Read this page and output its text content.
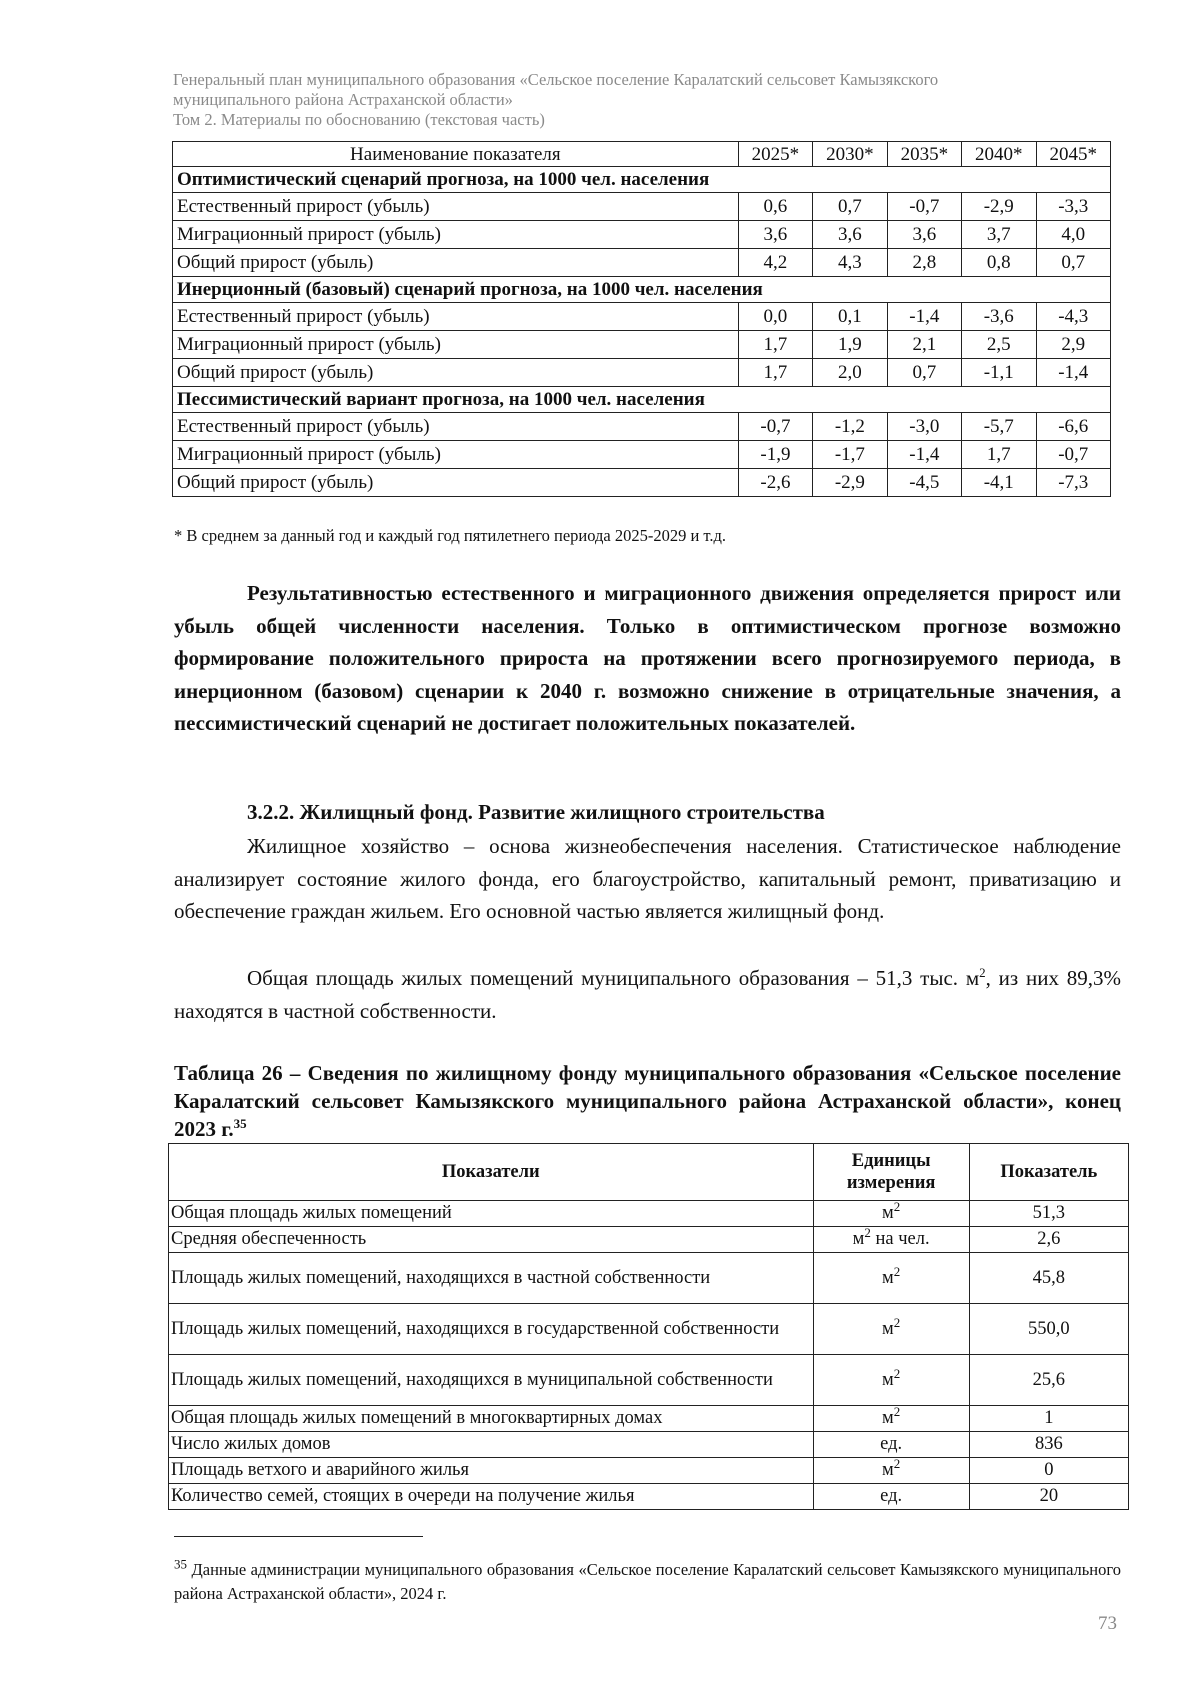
Генеральный план муниципального образования «Сельское поселение Каралатский сельсовет Камызякского
муниципального района Астраханской области»
Том 2. Материалы по обоснованию (текстовая часть)
Наименование показателя	2025*	2030*	2035*	2040*	2045*
Оптимистический сценарий прогноза, на 1000 чел. населения					
Естественный прирост (убыль)	0,6	0,7	-0,7	-2,9	-3,3
Миграционный прирост (убыль)	3,6	3,6	3,6	3,7	4,0
Общий прирост (убыль)	4,2	4,3	2,8	0,8	0,7
Инерционный (базовый) сценарий прогноза, на 1000 чел. населения					
Естественный прирост (убыль)	0,0	0,1	-1,4	-3,6	-4,3
Миграционный прирост (убыль)	1,7	1,9	2,1	2,5	2,9
Общий прирост (убыль)	1,7	2,0	0,7	-1,1	-1,4
Пессимистический вариант прогноза, на 1000 чел. населения					
Естественный прирост (убыль)	-0,7	-1,2	-3,0	-5,7	-6,6
Миграционный прирост (убыль)	-1,9	-1,7	-1,4	1,7	-0,7
Общий прирост (убыль)	-2,6	-2,9	-4,5	-4,1	-7,3
* В среднем за данный год и каждый год пятилетнего периода 2025-2029 и т.д.
Результативностью естественного и миграционного движения определяется прирост или убыль общей численности населения. Только в оптимистическом прогнозе возможно формирование положительного прироста на протяжении всего прогнозируемого периода, в инерционном (базовом) сценарии к 2040 г. возможно снижение в отрицательные значения, а пессимистический сценарий не достигает положительных показателей.
3.2.2. Жилищный фонд. Развитие жилищного строительства
Жилищное хозяйство – основа жизнеобеспечения населения. Статистическое наблюдение анализирует состояние жилого фонда, его благоустройство, капитальный ремонт, приватизацию и обеспечение граждан жильем. Его основной частью является жилищный фонд.
Общая площадь жилых помещений муниципального образования – 51,3 тыс. $м^2$, из них 89,3% находятся в частной собственности.
Таблица 26 – Сведения по жилищному фонду муниципального образования «Сельское поселение Каралатский сельсовет Камызякского муниципального района Астраханской области», конец 2023 г.$^{35}$
Показатели	Единицы измерения	Показатель
Общая площадь жилых помещений	$м^2$	51,3
Средняя обеспеченность	$м^2$ на чел.	2,6
Площадь жилых помещений, находящихся в частной собственности	$м^2$	45,8
Площадь жилых помещений, находящихся в государственной собственности	$м^2$	550,0
Площадь жилых помещений, находящихся в муниципальной собственности	$м^2$	25,6
Общая площадь жилых помещений в многоквартирных домах	$м^2$	1
Число жилых домов	ед.	836
Площадь ветхого и аварийного жилья	$м^2$	0
Количество семей, стоящих в очереди на получение жилья	ед.	20
$^{35}$ Данные администрации муниципального образования «Сельское поселение Каралатский сельсовет Камызякского муниципального района Астраханской области», 2024 г.
73
